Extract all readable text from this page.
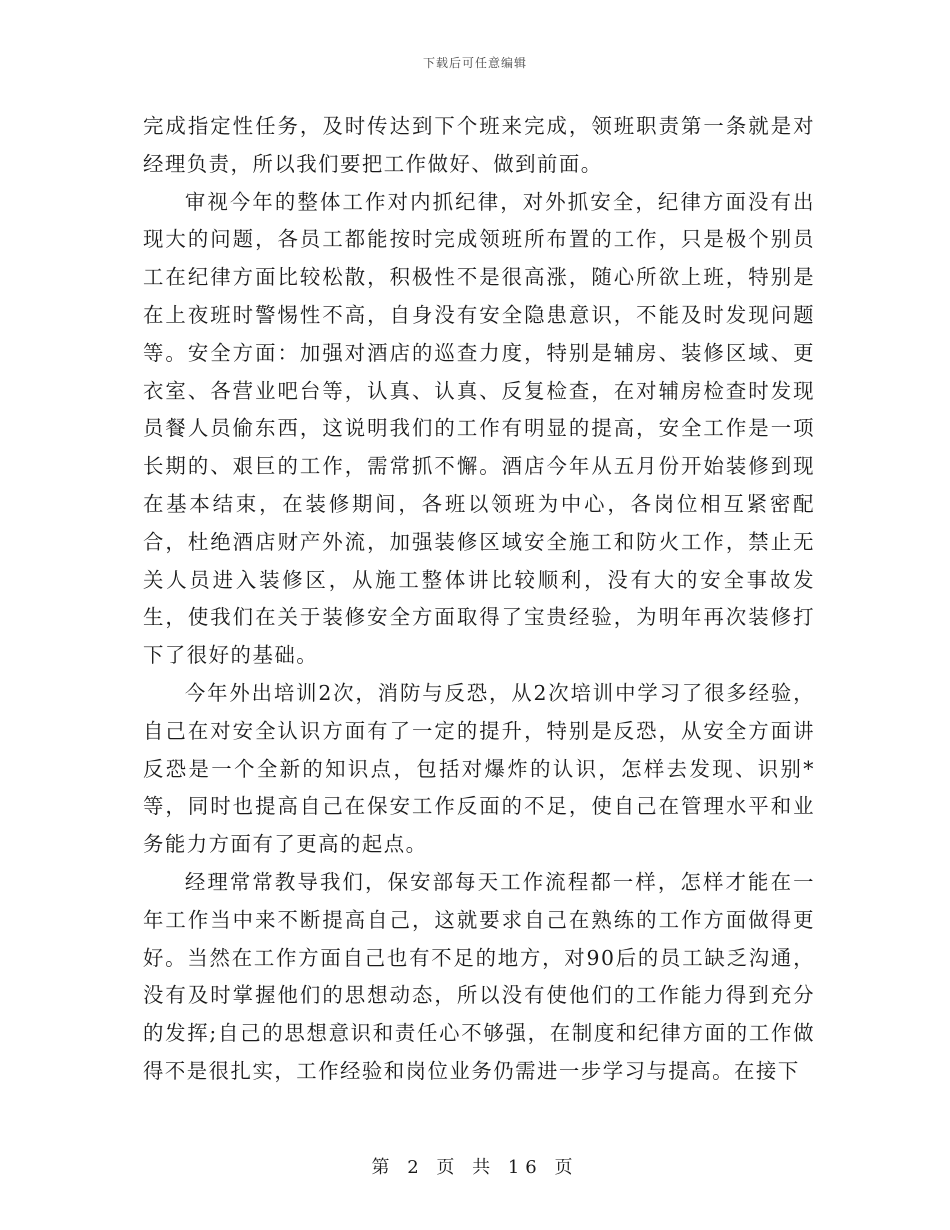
下载后可任意编辑

完成指定性任务，及时传达到下个班来完成，领班职责第一条就是对经理负责，所以我们要把工作做好、做到前面。

审视今年的整体工作对内抓纪律，对外抓安全，纪律方面没有出现大的问题，各员工都能按时完成领班所布置的工作，只是极个别员工在纪律方面比较松散，积极性不是很高涨，随心所欲上班，特别是在上夜班时警惕性不高，自身没有安全隐患意识，不能及时发现问题等。安全方面：加强对酒店的巡查力度，特别是辅房、装修区域、更衣室、各营业吧台等，认真、认真、反复检查，在对辅房检查时发现员餐人员偷东西，这说明我们的工作有明显的提高，安全工作是一项长期的、艰巨的工作，需常抓不懈。酒店今年从五月份开始装修到现在基本结束，在装修期间，各班以领班为中心，各岗位相互紧密配合，杜绝酒店财产外流，加强装修区域安全施工和防火工作，禁止无关人员进入装修区，从施工整体讲比较顺利，没有大的安全事故发生，使我们在关于装修安全方面取得了宝贵经验，为明年再次装修打下了很好的基础。

今年外出培训2次，消防与反恐，从2次培训中学习了很多经验，自己在对安全认识方面有了一定的提升，特别是反恐，从安全方面讲反恐是一个全新的知识点，包括对爆炸的认识，怎样去发现、识别*等，同时也提高自己在保安工作反面的不足，使自己在管理水平和业务能力方面有了更高的起点。

经理常常教导我们，保安部每天工作流程都一样，怎样才能在一年工作当中来不断提高自己，这就要求自己在熟练的工作方面做得更好。当然在工作方面自己也有不足的地方，对90后的员工缺乏沟通，没有及时掌握他们的思想动态，所以没有使他们的工作能力得到充分的发挥;自己的思想意识和责任心不够强，在制度和纪律方面的工作做得不是很扎实，工作经验和岗位业务仍需进一步学习与提高。在接下

第 2 页 共 16 页
